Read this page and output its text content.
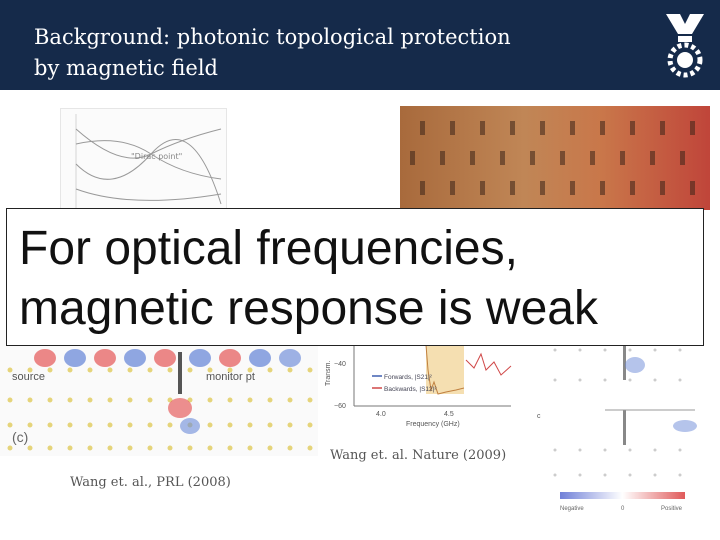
Background: photonic topological protection
by magnetic field
"Dirac point"
source	monitor pt
(c)
Forwards, |S21|²
Backwards, |S12|²
−40
−60
4.0	4.5
Frequency (GHz)
Transm.
c
Negative	0	Positive
Wang et. al. Nature (2009)
Wang et. al., PRL (2008)
For optical frequencies,
magnetic response is weak
